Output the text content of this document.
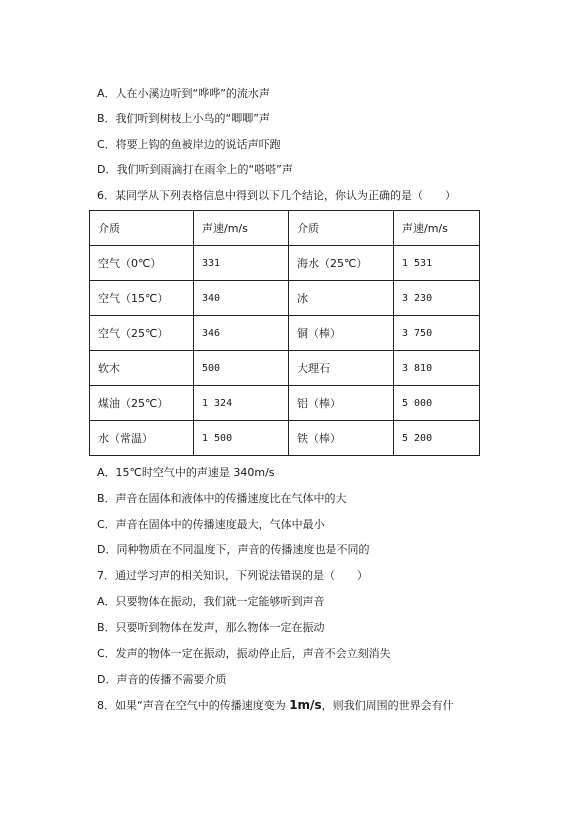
A．人在小溪边听到“哗哗”的流水声
B．我们听到树枝上小鸟的“唧唧”声
C．将要上钩的鱼被岸边的说话声吓跑
D．我们听到雨滴打在雨伞上的“嗒嗒”声
6．某同学从下列表格信息中得到以下几个结论，你认为正确的是（　　）
介质	声速/m/s	介质	声速/m/s
空气（0℃）	331	海水（25℃）	1 531
空气（15℃）	340	冰	3 230
空气（25℃）	346	铜（棒）	3 750
软木	500	大理石	3 810
煤油（25℃）	1 324	铝（棒）	5 000
水（常温）	1 500	铁（棒）	5 200
A．15℃时空气中的声速是 340m/s
B．声音在固体和液体中的传播速度比在气体中的大
C．声音在固体中的传播速度最大，气体中最小
D．同种物质在不同温度下，声音的传播速度也是不同的
7．通过学习声的相关知识，下列说法错误的是（　　）
A．只要物体在振动，我们就一定能够听到声音
B．只要听到物体在发声，那么物体一定在振动
C．发声的物体一定在振动，振动停止后，声音不会立刻消失
D．声音的传播不需要介质
8．如果“声音在空气中的传播速度变为 1m/s，则我们周围的世界会有什
